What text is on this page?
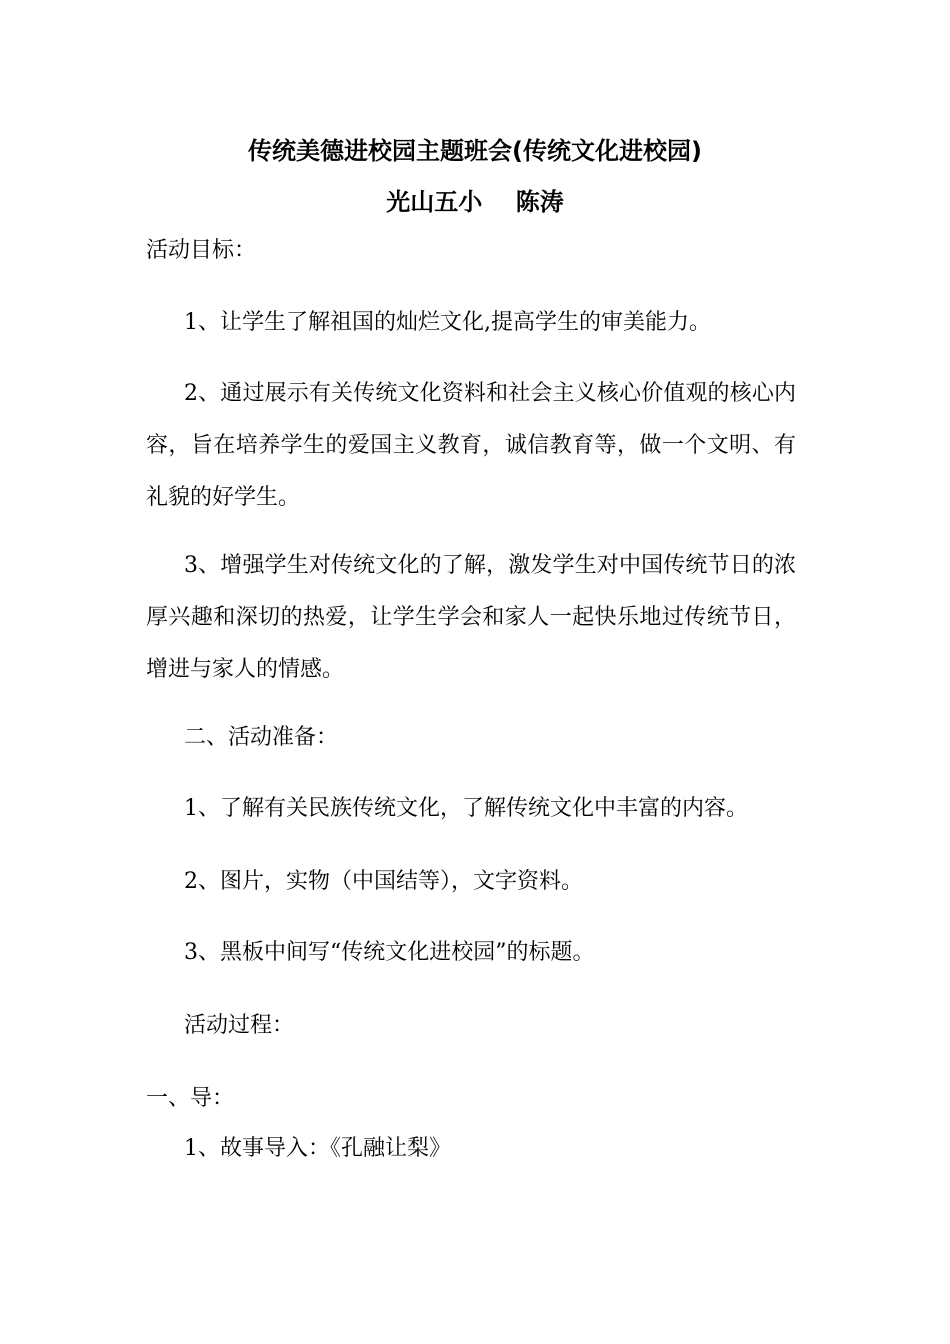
传统美德进校园主题班会(传统文化进校园)
光山五小    陈涛
活动目标：
1、让学生了解祖国的灿烂文化,提高学生的审美能力。
2、通过展示有关传统文化资料和社会主义核心价值观的核心内容，旨在培养学生的爱国主义教育，诚信教育等，做一个文明、有礼貌的好学生。
3、增强学生对传统文化的了解，激发学生对中国传统节日的浓厚兴趣和深切的热爱，让学生学会和家人一起快乐地过传统节日，增进与家人的情感。
二、活动准备：
1、了解有关民族传统文化，了解传统文化中丰富的内容。
2、图片，实物（中国结等），文字资料。
3、黑板中间写“传统文化进校园”的标题。
活动过程：
一、导：
1、故事导入：《孔融让梨》
